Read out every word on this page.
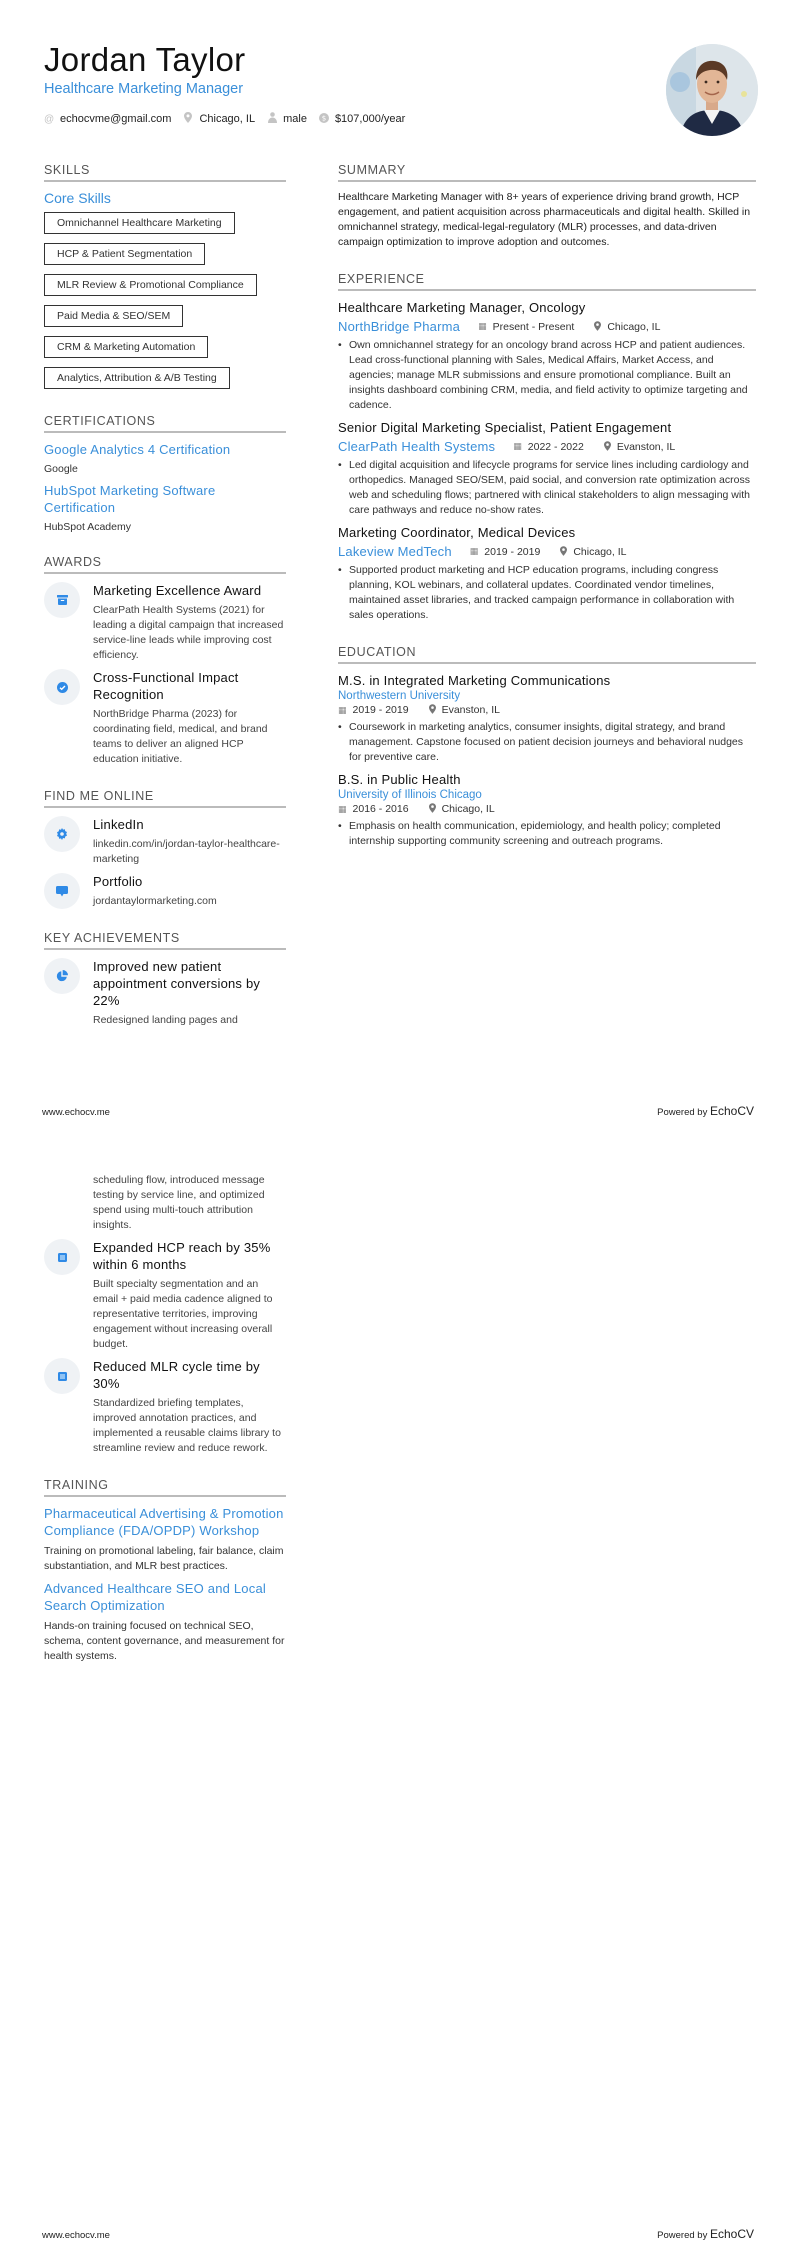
Jordan Taylor
Healthcare Marketing Manager
@ echocvme@gmail.com	Chicago, IL	male $ $107,000/year
SKILLS
Core Skills
Omnichannel Healthcare Marketing
HCP & Patient Segmentation
MLR Review & Promotional Compliance
Paid Media & SEO/SEM
CRM & Marketing Automation
Analytics, Attribution & A/B Testing
CERTIFICATIONS
Google Analytics 4 Certification
Google
HubSpot Marketing Software Certification
HubSpot Academy
AWARDS
Marketing Excellence Award
ClearPath Health Systems (2021) for leading a digital campaign that increased service-line leads while improving cost efficiency.
Cross-Functional Impact Recognition
NorthBridge Pharma (2023) for coordinating field, medical, and brand teams to deliver an aligned HCP education initiative.
FIND ME ONLINE
LinkedIn
linkedin.com/in/jordan-taylor-healthcare-marketing
Portfolio
jordantaylormarketing.com
KEY ACHIEVEMENTS
Improved new patient appointment conversions by 22%
Redesigned landing pages and
SUMMARY
Healthcare Marketing Manager with 8+ years of experience driving brand growth, HCP engagement, and patient acquisition across pharmaceuticals and digital health. Skilled in omnichannel strategy, medical-legal-regulatory (MLR) processes, and data-driven campaign optimization to improve adoption and outcomes.
EXPERIENCE
Healthcare Marketing Manager, Oncology
NorthBridge Pharma ▦ Present - Present	Chicago, IL
• Own omnichannel strategy for an oncology brand across HCP and patient audiences. Lead cross-functional planning with Sales, Medical Affairs, Market Access, and agencies; manage MLR submissions and ensure promotional compliance. Built an insights dashboard combining CRM, media, and field activity to optimize targeting and cadence.
Senior Digital Marketing Specialist, Patient Engagement
ClearPath Health Systems ▦ 2022 - 2022	Evanston, IL
• Led digital acquisition and lifecycle programs for service lines including cardiology and orthopedics. Managed SEO/SEM, paid social, and conversion rate optimization across web and scheduling flows; partnered with clinical stakeholders to align messaging with care pathways and reduce no-show rates.
Marketing Coordinator, Medical Devices
Lakeview MedTech ▦ 2019 - 2019	Chicago, IL
• Supported product marketing and HCP education programs, including congress planning, KOL webinars, and collateral updates. Coordinated vendor timelines, maintained asset libraries, and tracked campaign performance in collaboration with sales operations.
EDUCATION
M.S. in Integrated Marketing Communications
Northwestern University
▦ 2019 - 2019	Evanston, IL
• Coursework in marketing analytics, consumer insights, digital strategy, and brand management. Capstone focused on patient decision journeys and behavioral nudges for preventive care.
B.S. in Public Health
University of Illinois Chicago
▦ 2016 - 2016	Chicago, IL
• Emphasis on health communication, epidemiology, and health policy; completed internship supporting community screening and outreach programs.
www.echocv.me	Powered by EchoCV
scheduling flow, introduced message testing by service line, and optimized spend using multi-touch attribution insights.
Expanded HCP reach by 35% within 6 months
Built specialty segmentation and an email + paid media cadence aligned to representative territories, improving engagement without increasing overall budget.
Reduced MLR cycle time by 30%
Standardized briefing templates, improved annotation practices, and implemented a reusable claims library to streamline review and reduce rework.
TRAINING
Pharmaceutical Advertising & Promotion Compliance (FDA/OPDP) Workshop
Training on promotional labeling, fair balance, claim substantiation, and MLR best practices.
Advanced Healthcare SEO and Local Search Optimization
Hands-on training focused on technical SEO, schema, content governance, and measurement for health systems.
www.echocv.me	Powered by EchoCV
